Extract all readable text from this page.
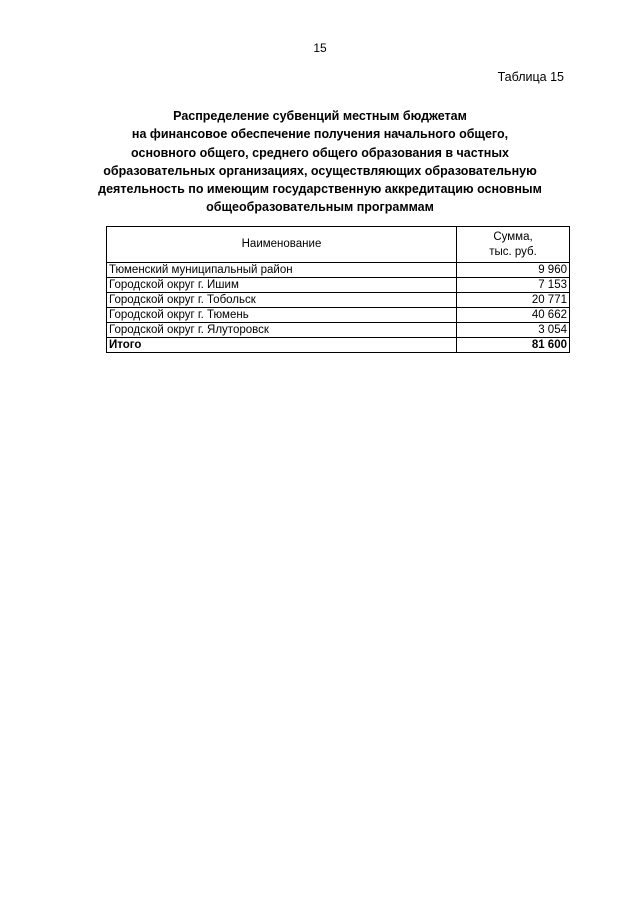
15
Таблица 15
Распределение субвенций местным бюджетам
на финансовое обеспечение получения начального общего,
основного общего, среднего общего образования в частных
образовательных организациях, осуществляющих образовательную
деятельность по имеющим государственную аккредитацию основным
общеобразовательным программам
Наименование	Сумма,
тыс. руб.

Тюменский муниципальный район	9 960
Городской округ г. Ишим	7 153
Городской округ г. Тобольск	20 771
Городской округ г. Тюмень	40 662
Городской округ г. Ялуторовск	3 054
Итого	81 600
